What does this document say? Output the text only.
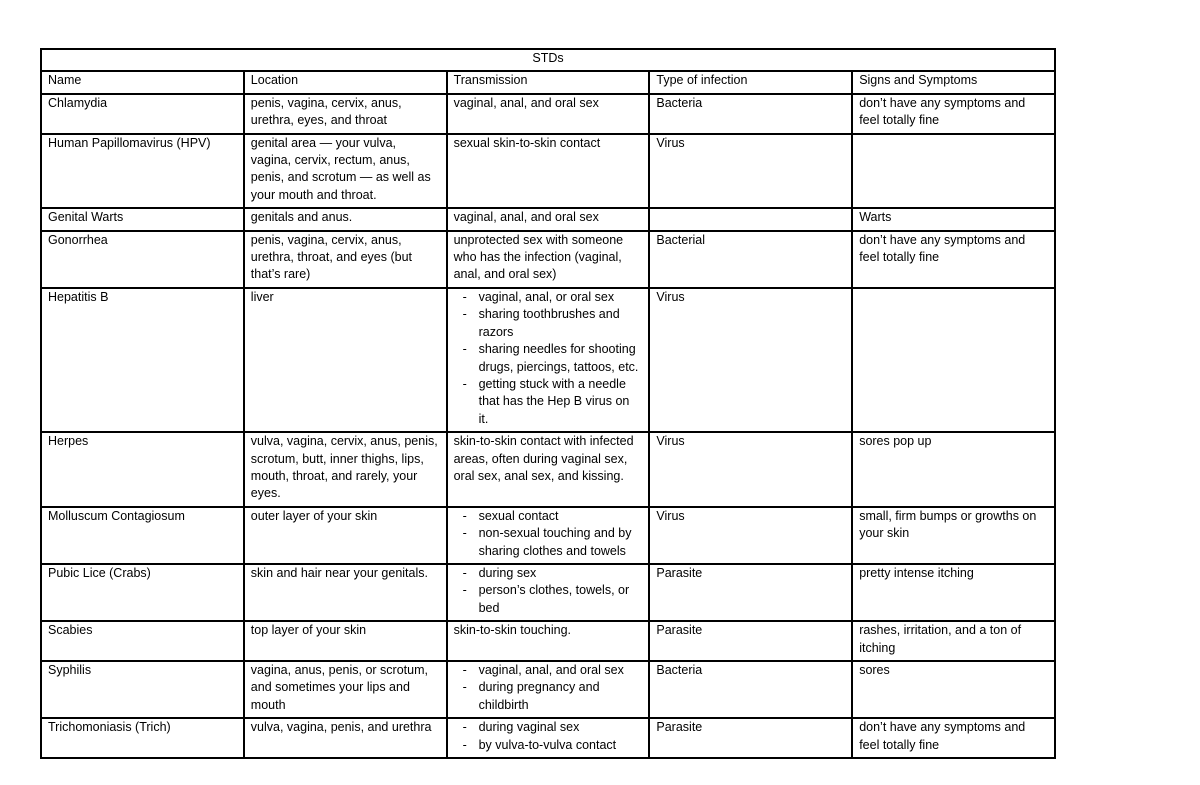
STDs				
Name	Location	Transmission	Type of infection	Signs and Symptoms
Chlamydia	penis, vagina, cervix, anus, urethra, eyes, and throat	vaginal, anal, and oral sex	Bacteria	don’t have any symptoms and feel totally fine
Human Papillomavirus (HPV)	genital area — your vulva, vagina, cervix, rectum, anus, penis, and scrotum — as well as your mouth and throat.	sexual skin-to-skin contact	Virus	
Genital Warts	genitals and anus.	vaginal, anal, and oral sex		Warts
Gonorrhea	penis, vagina, cervix, anus, urethra, throat, and eyes (but that’s rare)	unprotected sex with someone who has the infection (vaginal, anal, and oral sex)	Bacterial	don’t have any symptoms and feel totally fine
Hepatitis B	liver	- vaginal, anal, or oral sex
- sharing toothbrushes and razors
- sharing needles for shooting drugs, piercings, tattoos, etc.
- getting stuck with a needle that has the Hep B virus on it.
	Virus	
Herpes	vulva, vagina, cervix, anus, penis, scrotum, butt, inner thighs, lips, mouth, throat, and rarely, your eyes.	skin-to-skin contact with infected areas, often during vaginal sex, oral sex, anal sex, and kissing.	Virus	sores pop up
Molluscum Contagiosum	outer layer of your skin	- sexual contact
- non-sexual touching and by sharing clothes and towels	Virus	small, firm bumps or growths on your skin
Pubic Lice (Crabs)	skin and hair near your genitals.	- during sex
- person’s clothes, towels, or bed	Parasite	pretty intense itching
Scabies	top layer of your skin	skin-to-skin touching.	Parasite	rashes, irritation, and a ton of itching
Syphilis	vagina, anus, penis, or scrotum, and sometimes your lips and mouth	- vaginal, anal, and oral sex
- during pregnancy and childbirth	Bacteria	sores
Trichomoniasis (Trich)	vulva, vagina, penis, and urethra	- during vaginal sex
- by vulva-to-vulva contact	Parasite	don’t have any symptoms and feel totally fine
